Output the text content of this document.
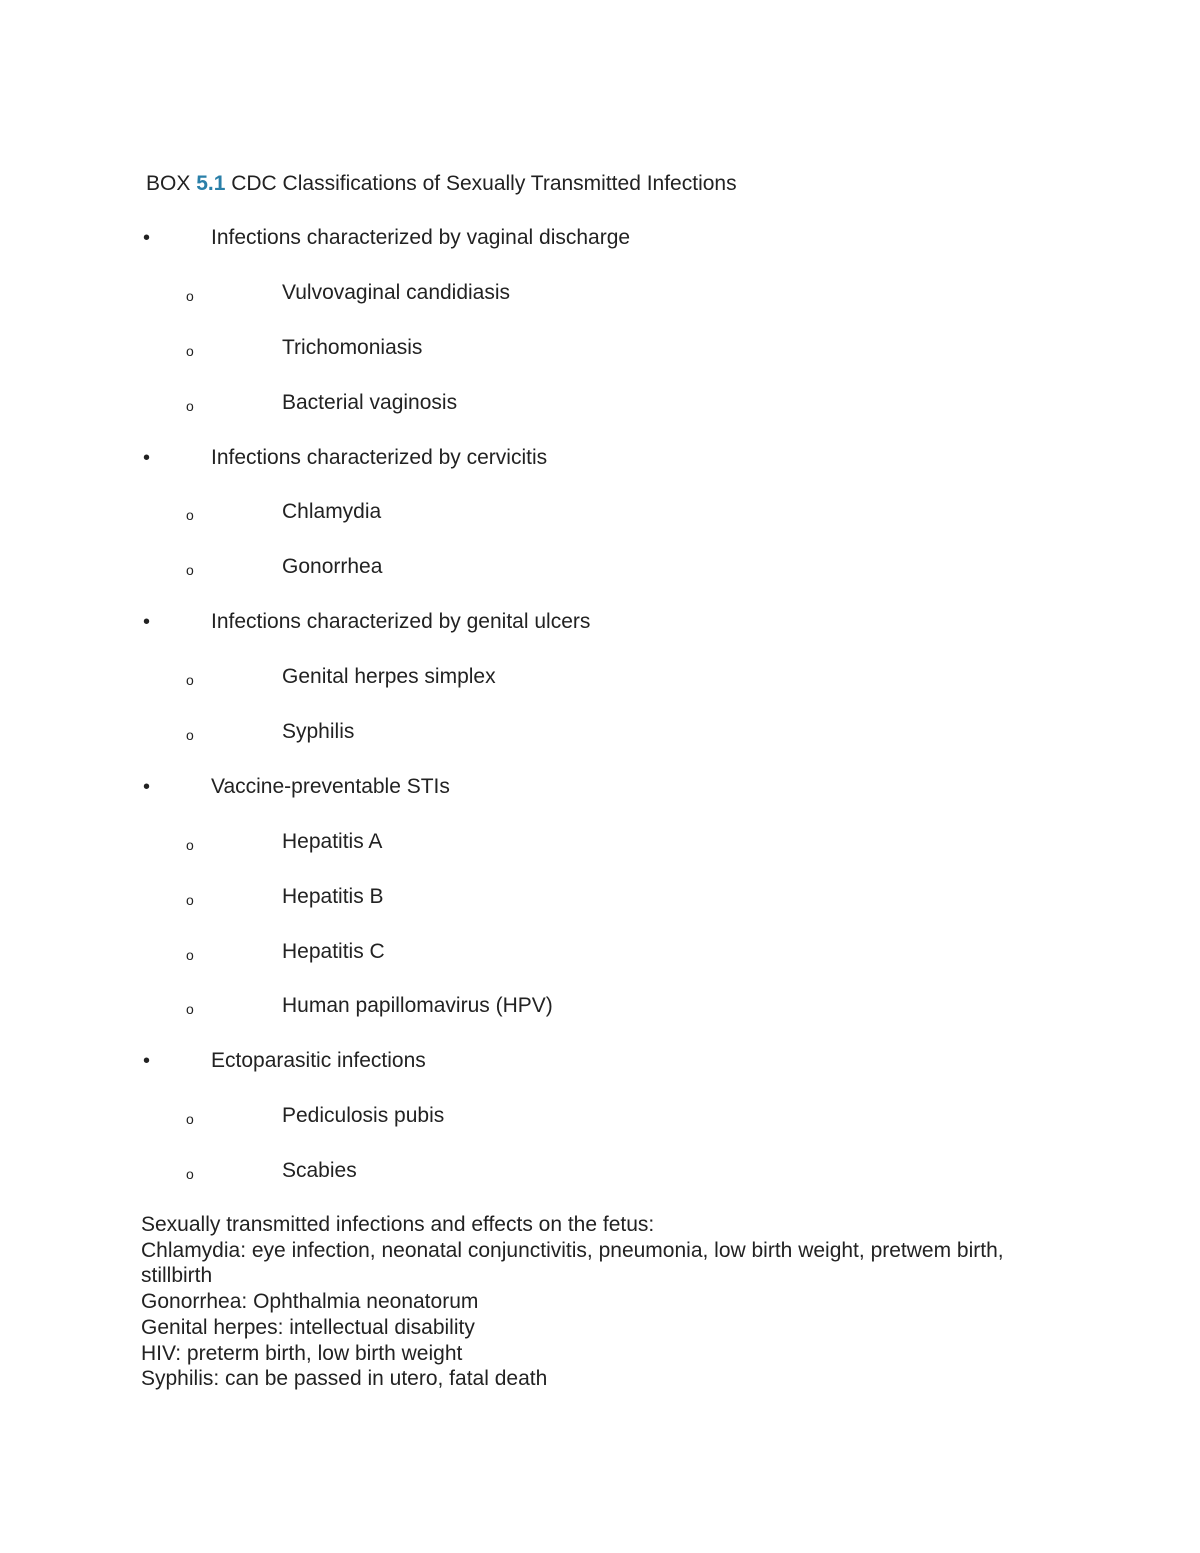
BOX 5.1 CDC Classifications of Sexually Transmitted Infections
•	Infections characterized by vaginal discharge
o	Vulvovaginal candidiasis
o	Trichomoniasis
o	Bacterial vaginosis
•	Infections characterized by cervicitis
o	Chlamydia
o	Gonorrhea
•	Infections characterized by genital ulcers
o	Genital herpes simplex
o	Syphilis
•	Vaccine-preventable STIs
o	Hepatitis A
o	Hepatitis B
o	Hepatitis C
o	Human papillomavirus (HPV)
•	Ectoparasitic infections
o	Pediculosis pubis
o	Scabies

Sexually transmitted infections and effects on the fetus:

Chlamydia: eye infection, neonatal conjunctivitis, pneumonia, low birth weight, pretwem birth, stillbirth

Gonorrhea: Ophthalmia neonatorum

Genital herpes: intellectual disability

HIV: preterm birth, low birth weight

Syphilis: can be passed in utero, fatal death
